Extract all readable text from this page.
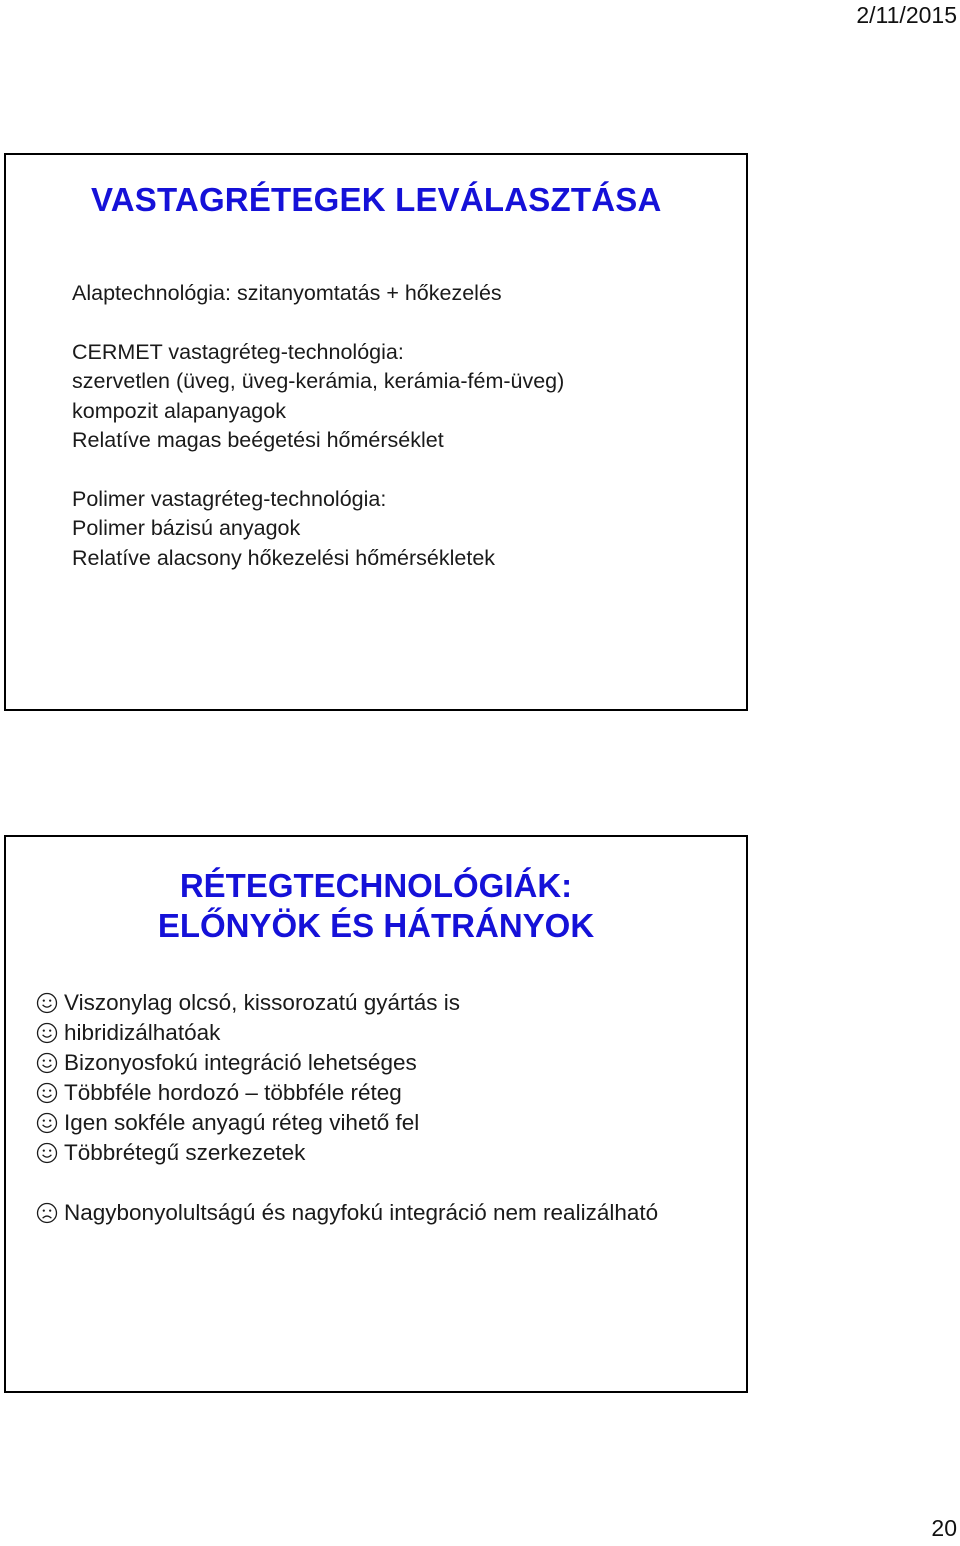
2/11/2015
VASTAGRÉTEGEK LEVÁLASZTÁSA

Alaptechnológia: szitanyomtatás + hőkezelés

CERMET vastagréteg-technológia:
szervetlen (üveg, üveg-kerámia, kerámia-fém-üveg)
kompozit alapanyagok
Relatíve magas beégetési hőmérséklet

Polimer vastagréteg-technológia:
Polimer bázisú anyagok
Relatíve alacsony hőkezelési hőmérsékletek

RÉTEGTECHNOLÓGIÁK:
ELŐNYÖK ÉS HÁTRÁNYOK
Viszonylag olcsó, kissorozatú gyártás is
hibridizálhatóak
Bizonyosfokú integráció lehetséges
Többféle hordozó – többféle réteg
Igen sokféle anyagú réteg vihető fel
Többrétegű szerkezetek
Nagybonyolultságú és nagyfokú integráció nem realizálható
20
